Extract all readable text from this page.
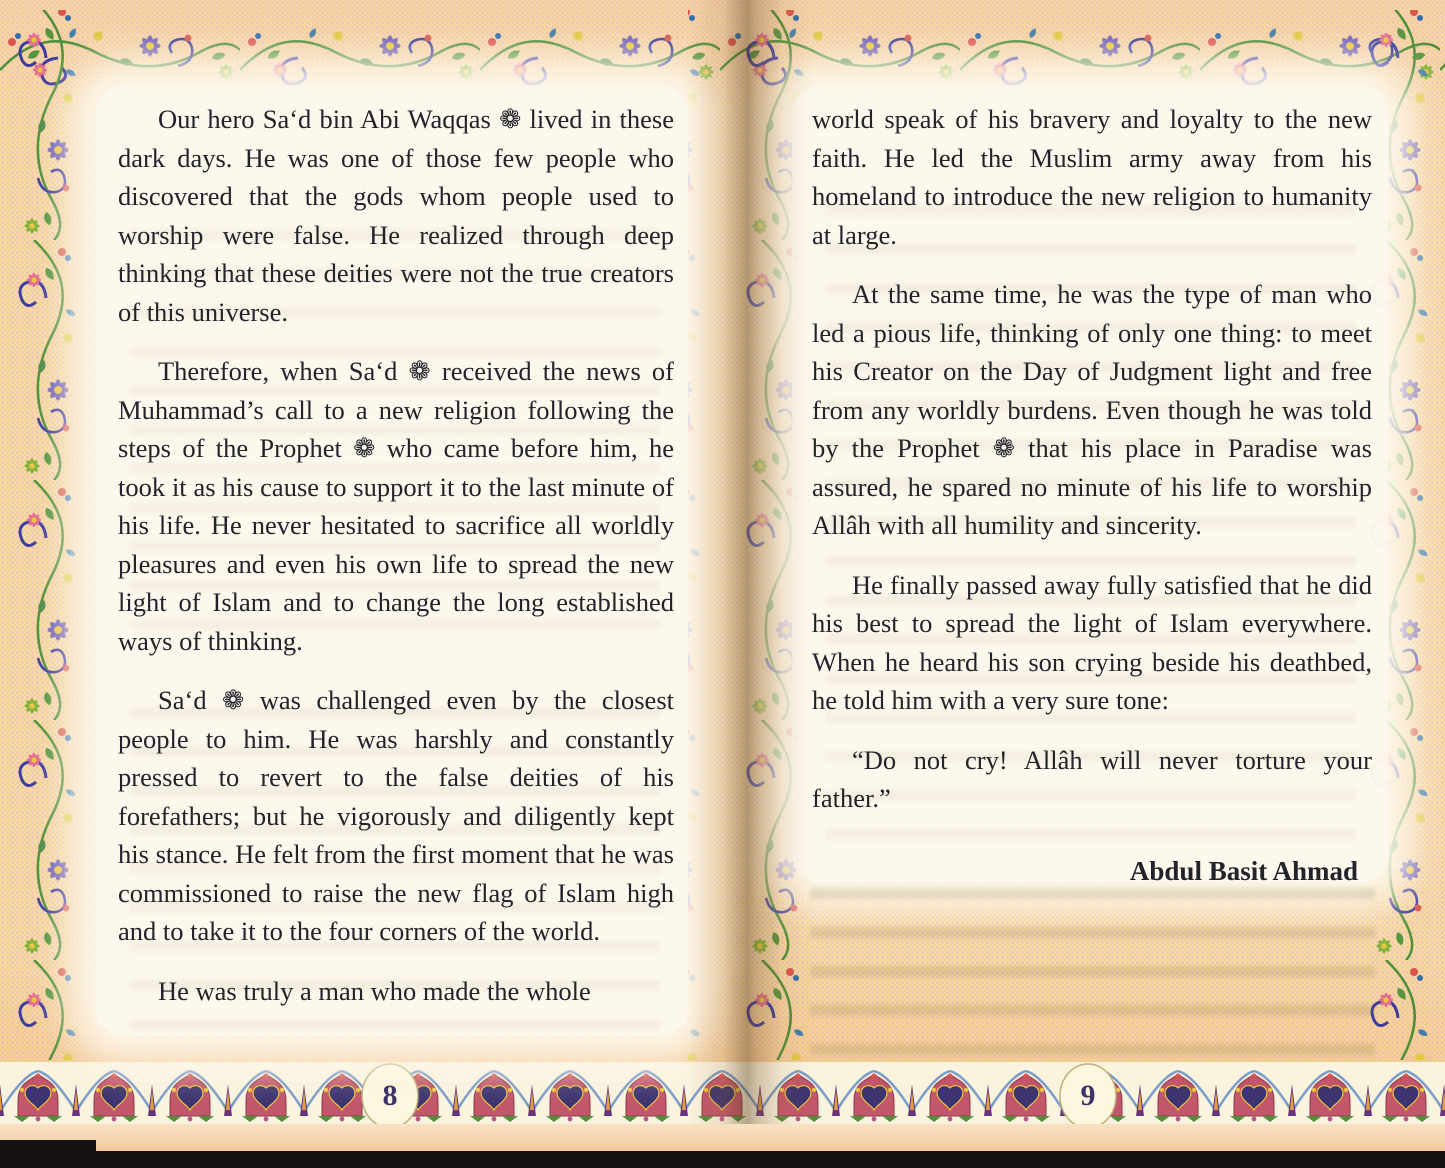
Our hero Sa‘d bin Abi Waqqas ❁ lived in these dark days. He was one of those few people who discovered that the gods whom people used to worship were false. He realized through deep thinking that these deities were not the true creators of this universe.

Therefore, when Sa‘d ❁ received the news of Muhammad’s call to a new religion following the steps of the Prophet ❁ who came before him, he took it as his cause to support it to the last minute of his life. He never hesitated to sacrifice all worldly pleasures and even his own life to spread the new light of Islam and to change the long established ways of thinking.

Sa‘d ❁ was challenged even by the closest people to him. He was harshly and constantly pressed to revert to the false deities of his forefathers; but he vigorously and diligently kept his stance. He felt from the first moment that he was commissioned to raise the new flag of Islam high and to take it to the four corners of the world.

He was truly a man who made the whole

world speak of his bravery and loyalty to the new faith. He led the Muslim army away from his homeland to introduce the new religion to humanity at large.

At the same time, he was the type of man who led a pious life, thinking of only one thing: to meet his Creator on the Day of Judgment light and free from any worldly burdens. Even though he was told by the Prophet ❁ that his place in Paradise was assured, he spared no minute of his life to worship Allâh with all humility and sincerity.

He finally passed away fully satisfied that he did his best to spread the light of Islam everywhere. When he heard his son crying beside his deathbed, he told him with a very sure tone:

“Do not cry! Allâh will never torture your father.”

Abdul Basit Ahmad
8	9
